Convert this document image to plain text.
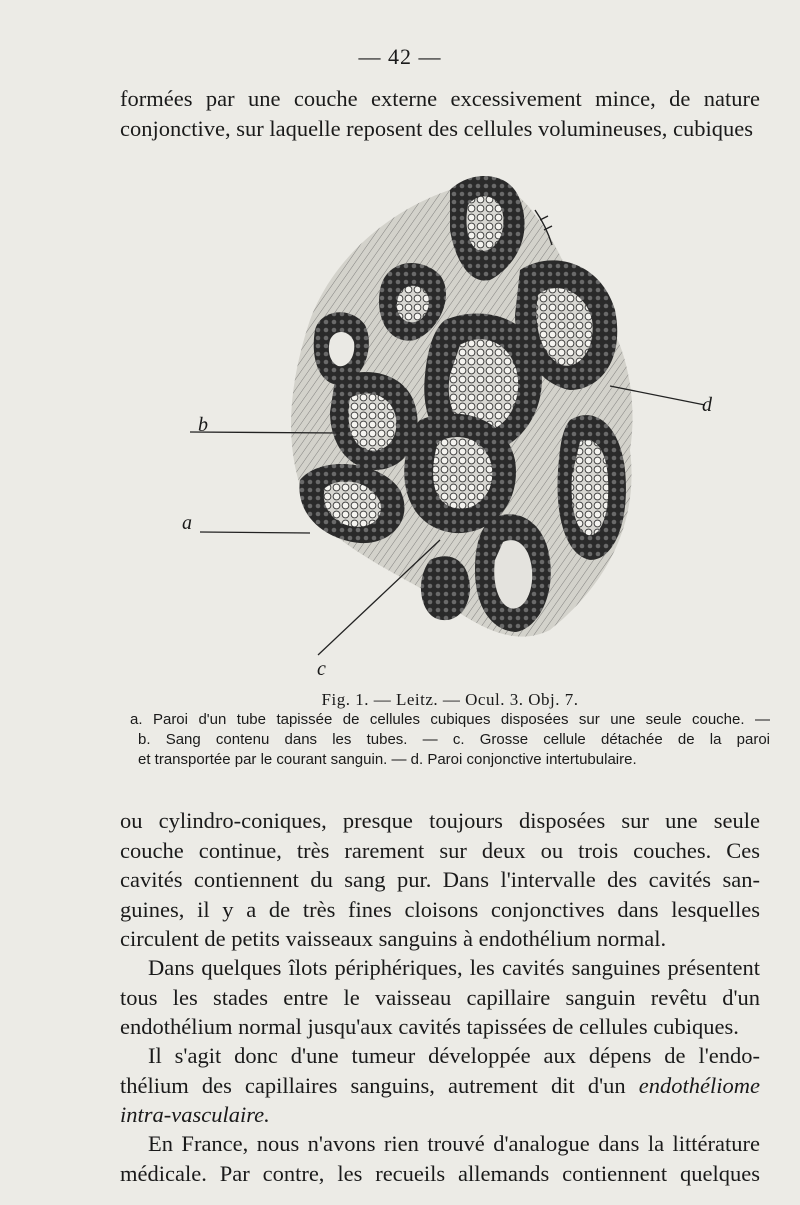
— 42 —
formées par une couche externe excessivement mince, de nature
conjonctive, sur laquelle reposent des cellules volumineuses, cubiques
b
a
d
c
Fig. 1. — Leitz. — Ocul. 3. Obj. 7.
a. Paroi d'un tube tapissée de cellules cubiques disposées sur une seule couche. —
b. Sang contenu dans les tubes. — c. Grosse cellule détachée de la paroi
et transportée par le courant sanguin. — d. Paroi conjonctive intertubulaire.
ou cylindro-coniques, presque toujours disposées sur une seule
couche continue, très rarement sur deux ou trois couches. Ces
cavités contiennent du sang pur. Dans l'intervalle des cavités san-
guines, il y a de très fines cloisons conjonctives dans lesquelles
circulent de petits vaisseaux sanguins à endothélium normal.
Dans quelques îlots périphériques, les cavités sanguines présentent
tous les stades entre le vaisseau capillaire sanguin revêtu d'un
endothélium normal jusqu'aux cavités tapissées de cellules cubiques.
Il s'agit donc d'une tumeur développée aux dépens de l'endo-
thélium des capillaires sanguins, autrement dit d'un endothéliome
intra-vasculaire.
En France, nous n'avons rien trouvé d'analogue dans la littérature
médicale. Par contre, les recueils allemands contiennent quelques
